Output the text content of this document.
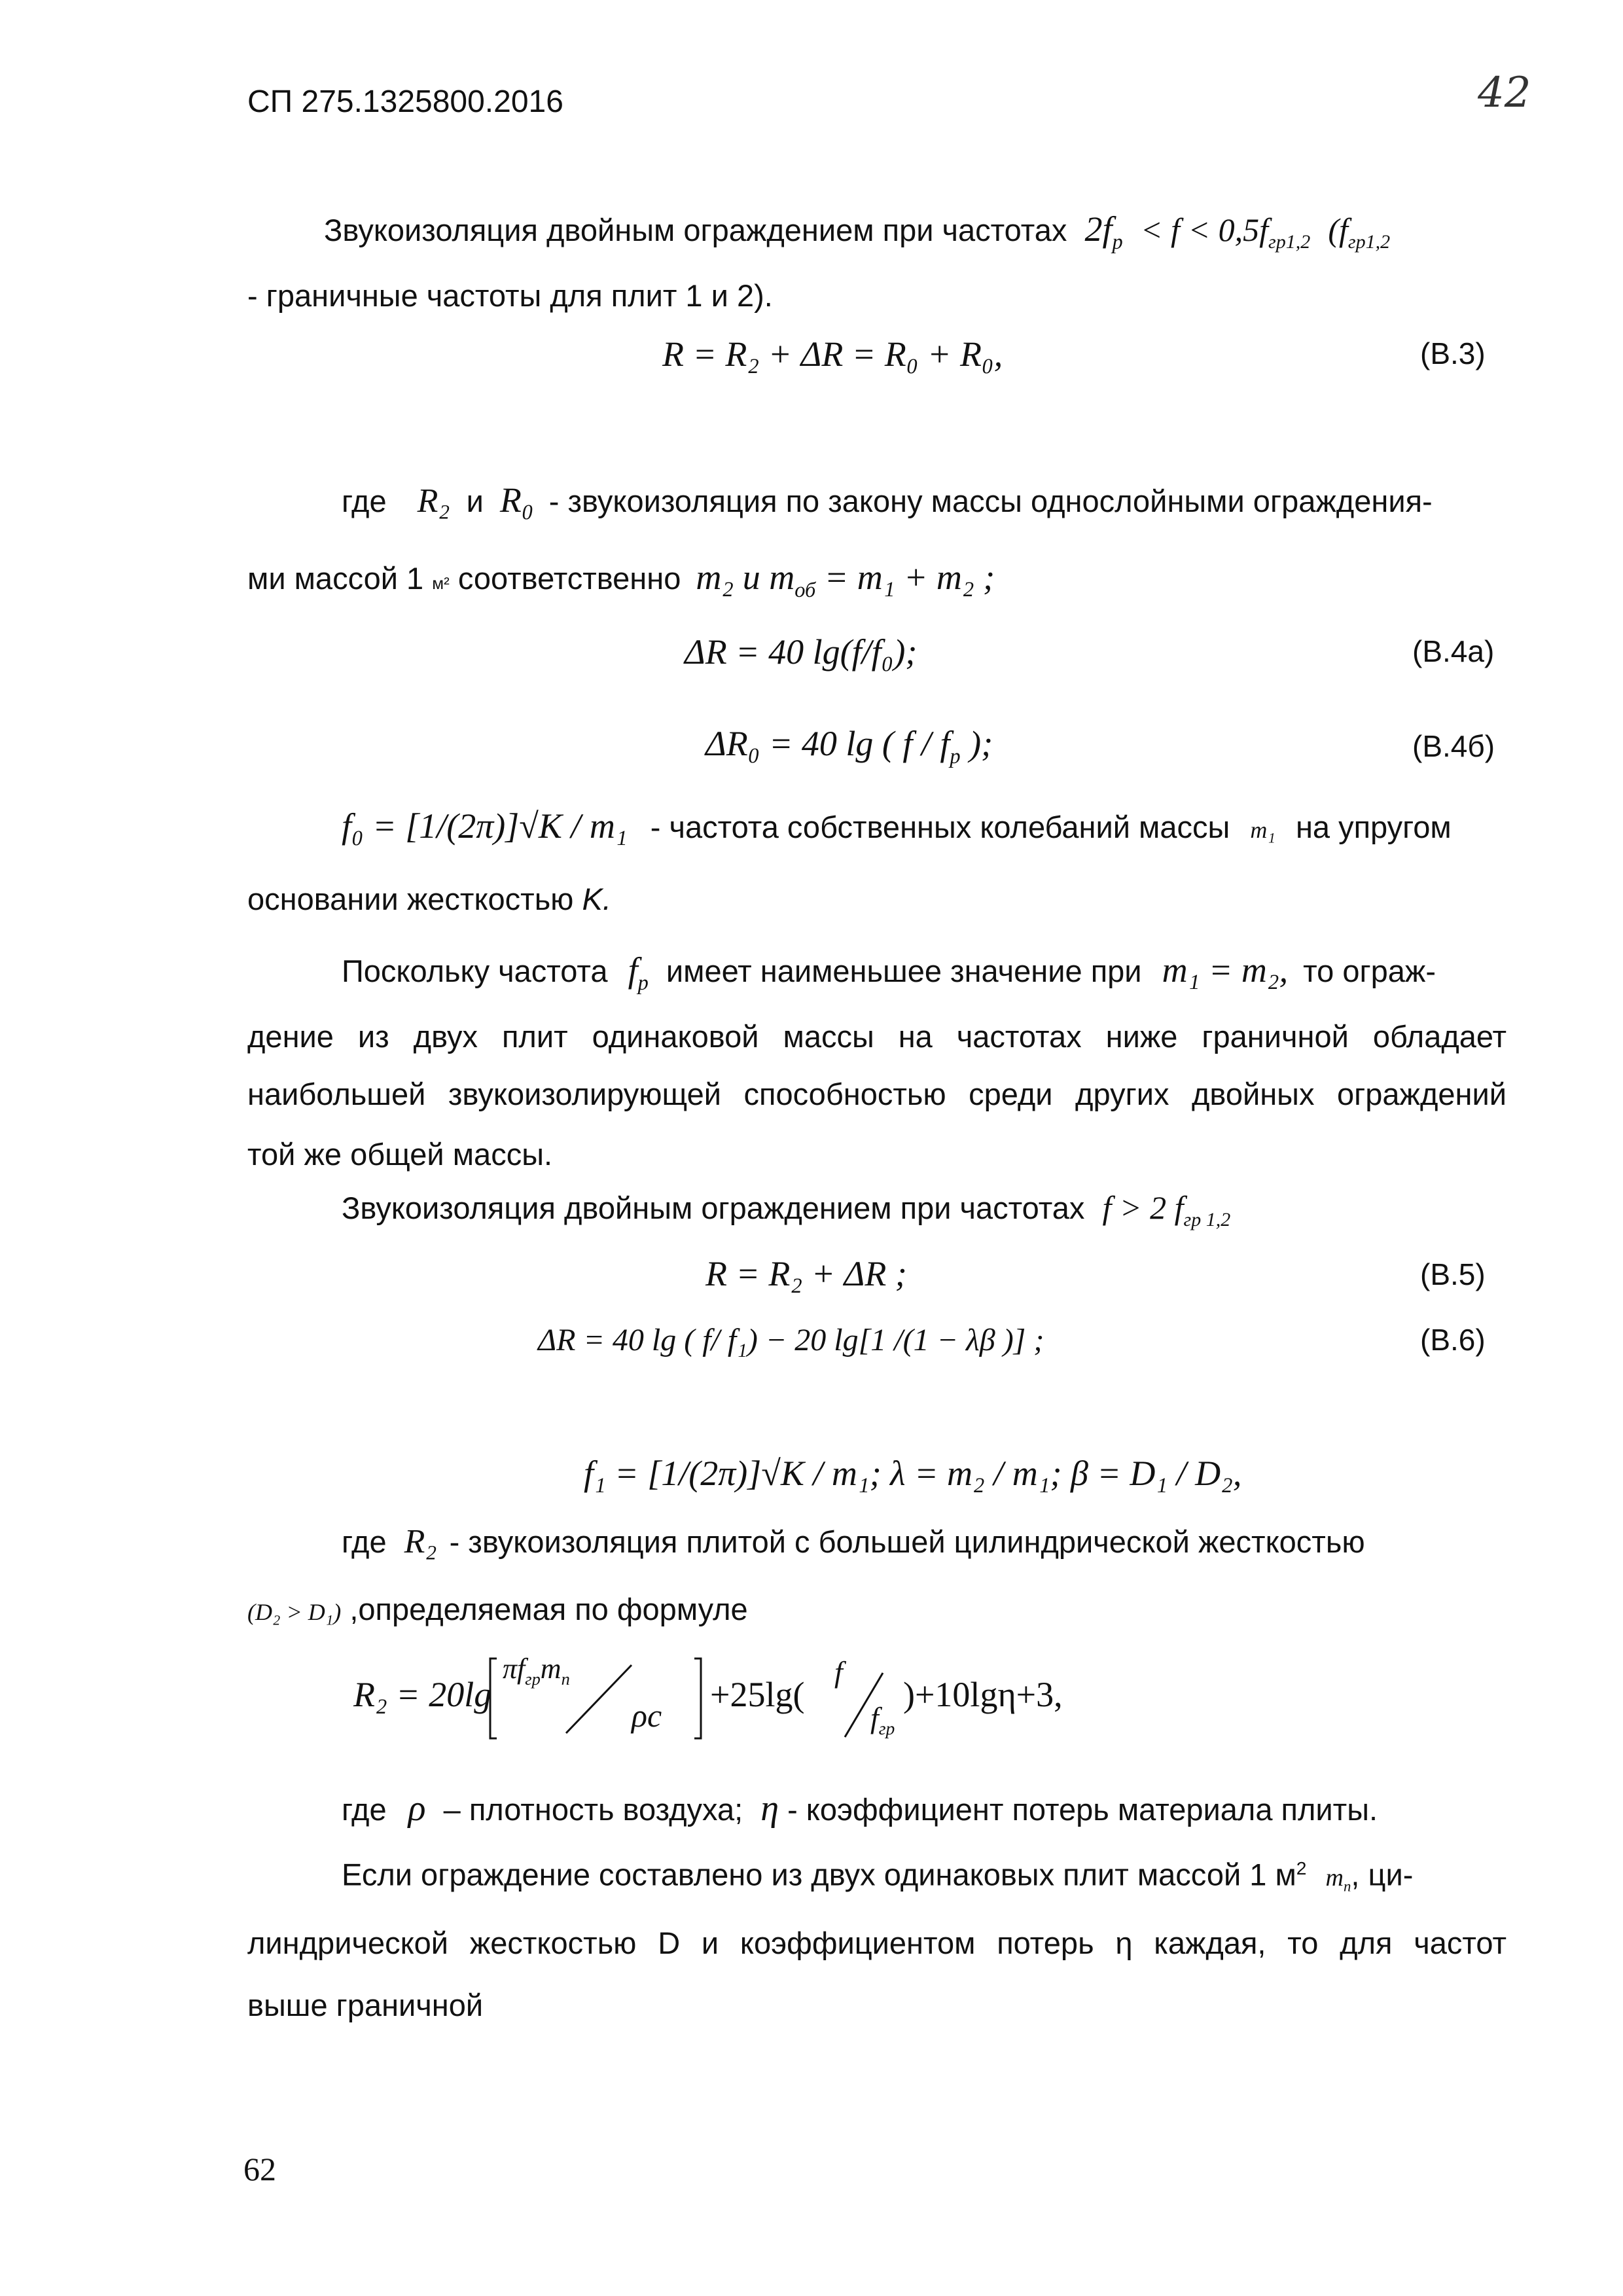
СП 275.1325800.2016	42
Звукоизоляция двойным ограждением при частотах $2f_р < f < 0,5f_{гр1,2}$ ($f_{гр1,2}$
- граничные частоты для плит 1 и 2).
R = R₂ + ΔR = R₀ + R₀,	(В.3)
где R₂ и R₀ - звукоизоляция по закону массы однослойными ограждения-
ми массой 1 м² соответственно m₂ и $m_{об} = m_1 + m_2$ ;
ΔR = 40 lg(f/f₀);	(В.4а)
ΔR₀ = 40 lg ( f / $f_р$ );	(В.4б)
f₀ = [1/(2π)]√K / m₁ - частота собственных колебаний массы m₁ на упругом
основании жесткостью K.
Поскольку частота $f_р$ имеет наименьшее значение при m₁ = m₂, то ограж-
дение из двух плит одинаковой массы на частотах ниже граничной обладает
наибольшей звукоизолирующей способностью среди других двойных ограждений
той же общей массы.
Звукоизоляция двойным ограждением при частотах f > 2 $f_{гр 1,2}$
R = R₂ + ΔR ;	(В.5)
ΔR = 40 lg ( f/ f₁) − 20 lg[1 /(1 − λβ )] ;	(В.6)
f₁ = [1/(2π)]√K / m₁; λ = m₂ / m₁; β = D₁ / D₂,
где R₂ - звукоизоляция плитой с большей цилиндрической жесткостью
(D₂ > D₁) ,определяемая по формуле
R₂ = 20lg
$\pi f_{гр}m_п$
ρc
+25lg(
f
$f_{гр}$
)+10lgη+3,
где ρ – плотность воздуха; η - коэффициент потерь материала плиты.
Если ограждение составлено из двух одинаковых плит массой 1 $м^2$ $m_п$, ци-
линдрической жесткостью D и коэффициентом потерь η каждая, то для частот
выше граничной
62
